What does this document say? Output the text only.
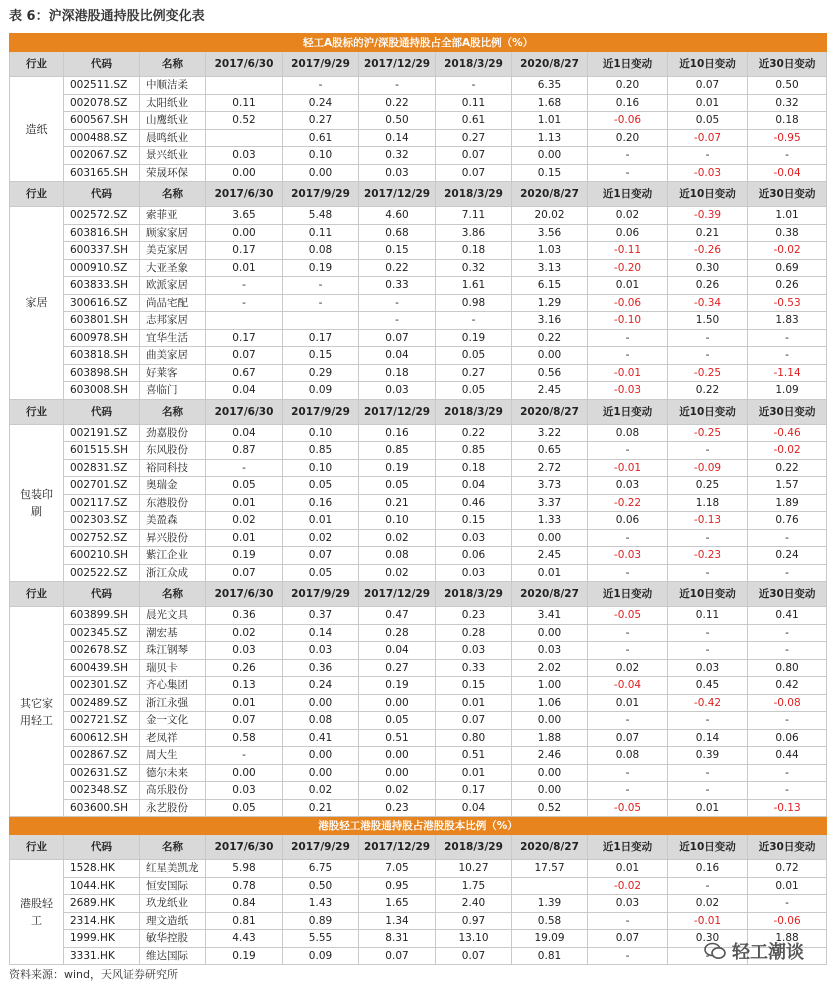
表 6：沪深港股通持股比例变化表
轻工A股标的沪/深股通持股占全部A股比例（%）										
行业	代码	名称	2017/6/30	2017/9/29	2017/12/29	2018/3/29	2020/8/27	近1日变动	近10日变动	近30日变动
造纸	002511.SZ	中顺洁柔		-	-	-	6.35	0.20	0.07	0.50
	002078.SZ	太阳纸业	0.11	0.24	0.22	0.11	1.68	0.16	0.01	0.32
	600567.SH	山鹰纸业	0.52	0.27	0.50	0.61	1.01	-0.06	0.05	0.18
	000488.SZ	晨鸣纸业		0.61	0.14	0.27	1.13	0.20	-0.07	-0.95
	002067.SZ	景兴纸业	0.03	0.10	0.32	0.07	0.00	-	-	-
	603165.SH	荣晟环保	0.00	0.00	0.03	0.07	0.15	-	-0.03	-0.04
行业	代码	名称	2017/6/30	2017/9/29	2017/12/29	2018/3/29	2020/8/27	近1日变动	近10日变动	近30日变动
家居	002572.SZ	索菲亚	3.65	5.48	4.60	7.11	20.02	0.02	-0.39	1.01
	603816.SH	顾家家居	0.00	0.11	0.68	3.86	3.56	0.06	0.21	0.38
	600337.SH	美克家居	0.17	0.08	0.15	0.18	1.03	-0.11	-0.26	-0.02
	000910.SZ	大亚圣象	0.01	0.19	0.22	0.32	3.13	-0.20	0.30	0.69
	603833.SH	欧派家居	-	-	0.33	1.61	6.15	0.01	0.26	0.26
	300616.SZ	尚品宅配	-	-	-	0.98	1.29	-0.06	-0.34	-0.53
	603801.SH	志邦家居			-	-	3.16	-0.10	1.50	1.83
	600978.SH	宜华生活	0.17	0.17	0.07	0.19	0.22	-	-	-
	603818.SH	曲美家居	0.07	0.15	0.04	0.05	0.00	-	-	-
	603898.SH	好莱客	0.67	0.29	0.18	0.27	0.56	-0.01	-0.25	-1.14
	603008.SH	喜临门	0.04	0.09	0.03	0.05	2.45	-0.03	0.22	1.09
行业	代码	名称	2017/6/30	2017/9/29	2017/12/29	2018/3/29	2020/8/27	近1日变动	近10日变动	近30日变动
包装印刷	002191.SZ	劲嘉股份	0.04	0.10	0.16	0.22	3.22	0.08	-0.25	-0.46
	601515.SH	东风股份	0.87	0.85	0.85	0.85	0.65	-	-	-0.02
	002831.SZ	裕同科技	-	0.10	0.19	0.18	2.72	-0.01	-0.09	0.22
	002701.SZ	奥瑞金	0.05	0.05	0.05	0.04	3.73	0.03	0.25	1.57
	002117.SZ	东港股份	0.01	0.16	0.21	0.46	3.37	-0.22	1.18	1.89
	002303.SZ	美盈森	0.02	0.01	0.10	0.15	1.33	0.06	-0.13	0.76
	002752.SZ	昇兴股份	0.01	0.02	0.02	0.03	0.00	-	-	-
	600210.SH	紫江企业	0.19	0.07	0.08	0.06	2.45	-0.03	-0.23	0.24
	002522.SZ	浙江众成	0.07	0.05	0.02	0.03	0.01	-	-	-
行业	代码	名称	2017/6/30	2017/9/29	2017/12/29	2018/3/29	2020/8/27	近1日变动	近10日变动	近30日变动
其它家用轻工	603899.SH	晨光文具	0.36	0.37	0.47	0.23	3.41	-0.05	0.11	0.41
	002345.SZ	潮宏基	0.02	0.14	0.28	0.28	0.00	-	-	-
	002678.SZ	珠江钢琴	0.03	0.03	0.04	0.03	0.03	-	-	-
	600439.SH	瑞贝卡	0.26	0.36	0.27	0.33	2.02	0.02	0.03	0.80
	002301.SZ	齐心集团	0.13	0.24	0.19	0.15	1.00	-0.04	0.45	0.42
	002489.SZ	浙江永强	0.01	0.00	0.00	0.01	1.06	0.01	-0.42	-0.08
	002721.SZ	金一文化	0.07	0.08	0.05	0.07	0.00	-	-	-
	600612.SH	老凤祥	0.58	0.41	0.51	0.80	1.88	0.07	0.14	0.06
	002867.SZ	周大生	-	0.00	0.00	0.51	2.46	0.08	0.39	0.44
	002631.SZ	德尔未来	0.00	0.00	0.00	0.01	0.00	-	-	-
	002348.SZ	高乐股份	0.03	0.02	0.02	0.17	0.00	-	-	-
	603600.SH	永艺股份	0.05	0.21	0.23	0.04	0.52	-0.05	0.01	-0.13
港股轻工港股通持股占港股股本比例（%）										
行业	代码	名称	2017/6/30	2017/9/29	2017/12/29	2018/3/29	2020/8/27	近1日变动	近10日变动	近30日变动
港股轻工	1528.HK	红星美凯龙	5.98	6.75	7.05	10.27	17.57	0.01	0.16	0.72
	1044.HK	恒安国际	0.78	0.50	0.95	1.75		-0.02	-	0.01
	2689.HK	玖龙纸业	0.84	1.43	1.65	2.40	1.39	0.03	0.02	-
	2314.HK	理文造纸	0.81	0.89	1.34	0.97	0.58	-	-0.01	-0.06
	1999.HK	敏华控股	4.43	5.55	8.31	13.10	19.09	0.07	0.30	1.88
	3331.HK	维达国际	0.19	0.09	0.07	0.07	0.81	-	-	轻工潮谈
资料来源：wind，天风证券研究所
